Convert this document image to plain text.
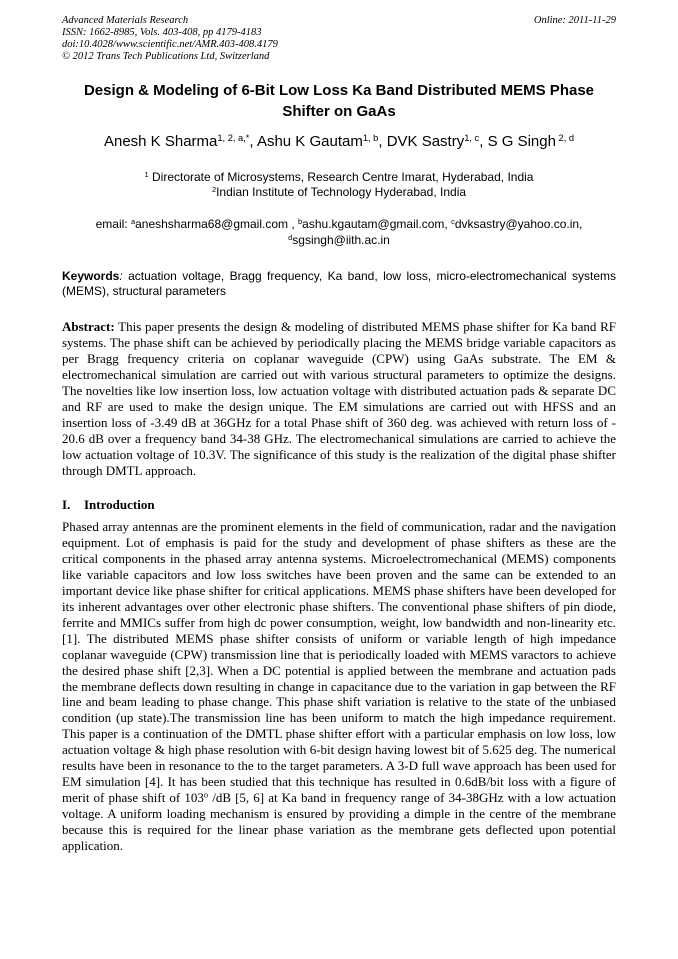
Advanced Materials Research
ISSN: 1662-8985, Vols. 403-408, pp 4179-4183
doi:10.4028/www.scientific.net/AMR.403-408.4179
© 2012 Trans Tech Publications Ltd, Switzerland
Online: 2011-11-29
Design & Modeling of 6-Bit Low Loss Ka Band Distributed MEMS Phase Shifter on GaAs
Anesh K Sharma$^{1, 2, a,*}$, Ashu K Gautam$^{1, b}$, DVK Sastry$^{1, c}$, S G Singh $^{2, d}$
$^1$ Directorate of Microsystems, Research Centre Imarat, Hyderabad, India
$^2$Indian Institute of Technology Hyderabad, India
email: $^a$aneshsharma68@gmail.com , $^b$ashu.kgautam@gmail.com, $^c$dvksastry@yahoo.co.in,
$^d$sgsingh@iith.ac.in
Keywords: actuation voltage, Bragg frequency, Ka band, low loss, micro-electromechanical systems (MEMS), structural parameters
Abstract: This paper presents the design & modeling of distributed MEMS phase shifter for Ka band RF systems. The phase shift can be achieved by periodically placing the MEMS bridge variable capacitors as per Bragg frequency criteria on coplanar waveguide (CPW) using GaAs substrate. The EM & electromechanical simulation are carried out with various structural parameters to optimize the designs. The novelties like low insertion loss, low actuation voltage with distributed actuation pads & separate DC and RF are used to make the design unique. The EM simulations are carried out with HFSS and an insertion loss of -3.49 dB at 36GHz for a total Phase shift of 360 deg. was achieved with return loss of - 20.6 dB over a frequency band 34-38 GHz. The electromechanical simulations are carried to achieve the low actuation voltage of 10.3V. The significance of this study is the realization of the digital phase shifter through DMTL approach.
I. Introduction
Phased array antennas are the prominent elements in the field of communication, radar and the navigation equipment. Lot of emphasis is paid for the study and development of phase shifters as these are the critical components in the phased array antenna systems. Microelectromechanical (MEMS) components like variable capacitors and low loss switches have been proven and the same can be extended to an important device like phase shifter for critical applications. MEMS phase shifters have been developed for its inherent advantages over other electronic phase shifters. The conventional phase shifters of pin diode, ferrite and MMICs suffer from high dc power consumption, weight, low bandwidth and non-linearity etc. [1]. The distributed MEMS phase shifter consists of uniform or variable length of high impedance coplanar waveguide (CPW) transmission line that is periodically loaded with MEMS varactors to achieve the desired phase shift [2,3]. When a DC potential is applied between the membrane and actuation pads the membrane deflects down resulting in change in capacitance due to the variation in gap between the RF line and beam leading to phase change. This phase shift variation is relative to the state of the unbiased condition (up state).The transmission line has been uniform to match the high impedance requirement. This paper is a continuation of the DMTL phase shifter effort with a particular emphasis on low loss, low actuation voltage & high phase resolution with 6-bit design having lowest bit of 5.625 deg. The numerical results have been in resonance to the to the target parameters. A 3-D full wave approach has been used for EM simulation [4]. It has been studied that this technique has resulted in 0.6dB/bit loss with a figure of merit of phase shift of 103$^o$ /dB [5, 6] at Ka band in frequency range of 34-38GHz with a low actuation voltage. A uniform loading mechanism is ensured by providing a dimple in the centre of the membrane because this is required for the linear phase variation as the membrane gets deflected upon potential application.
